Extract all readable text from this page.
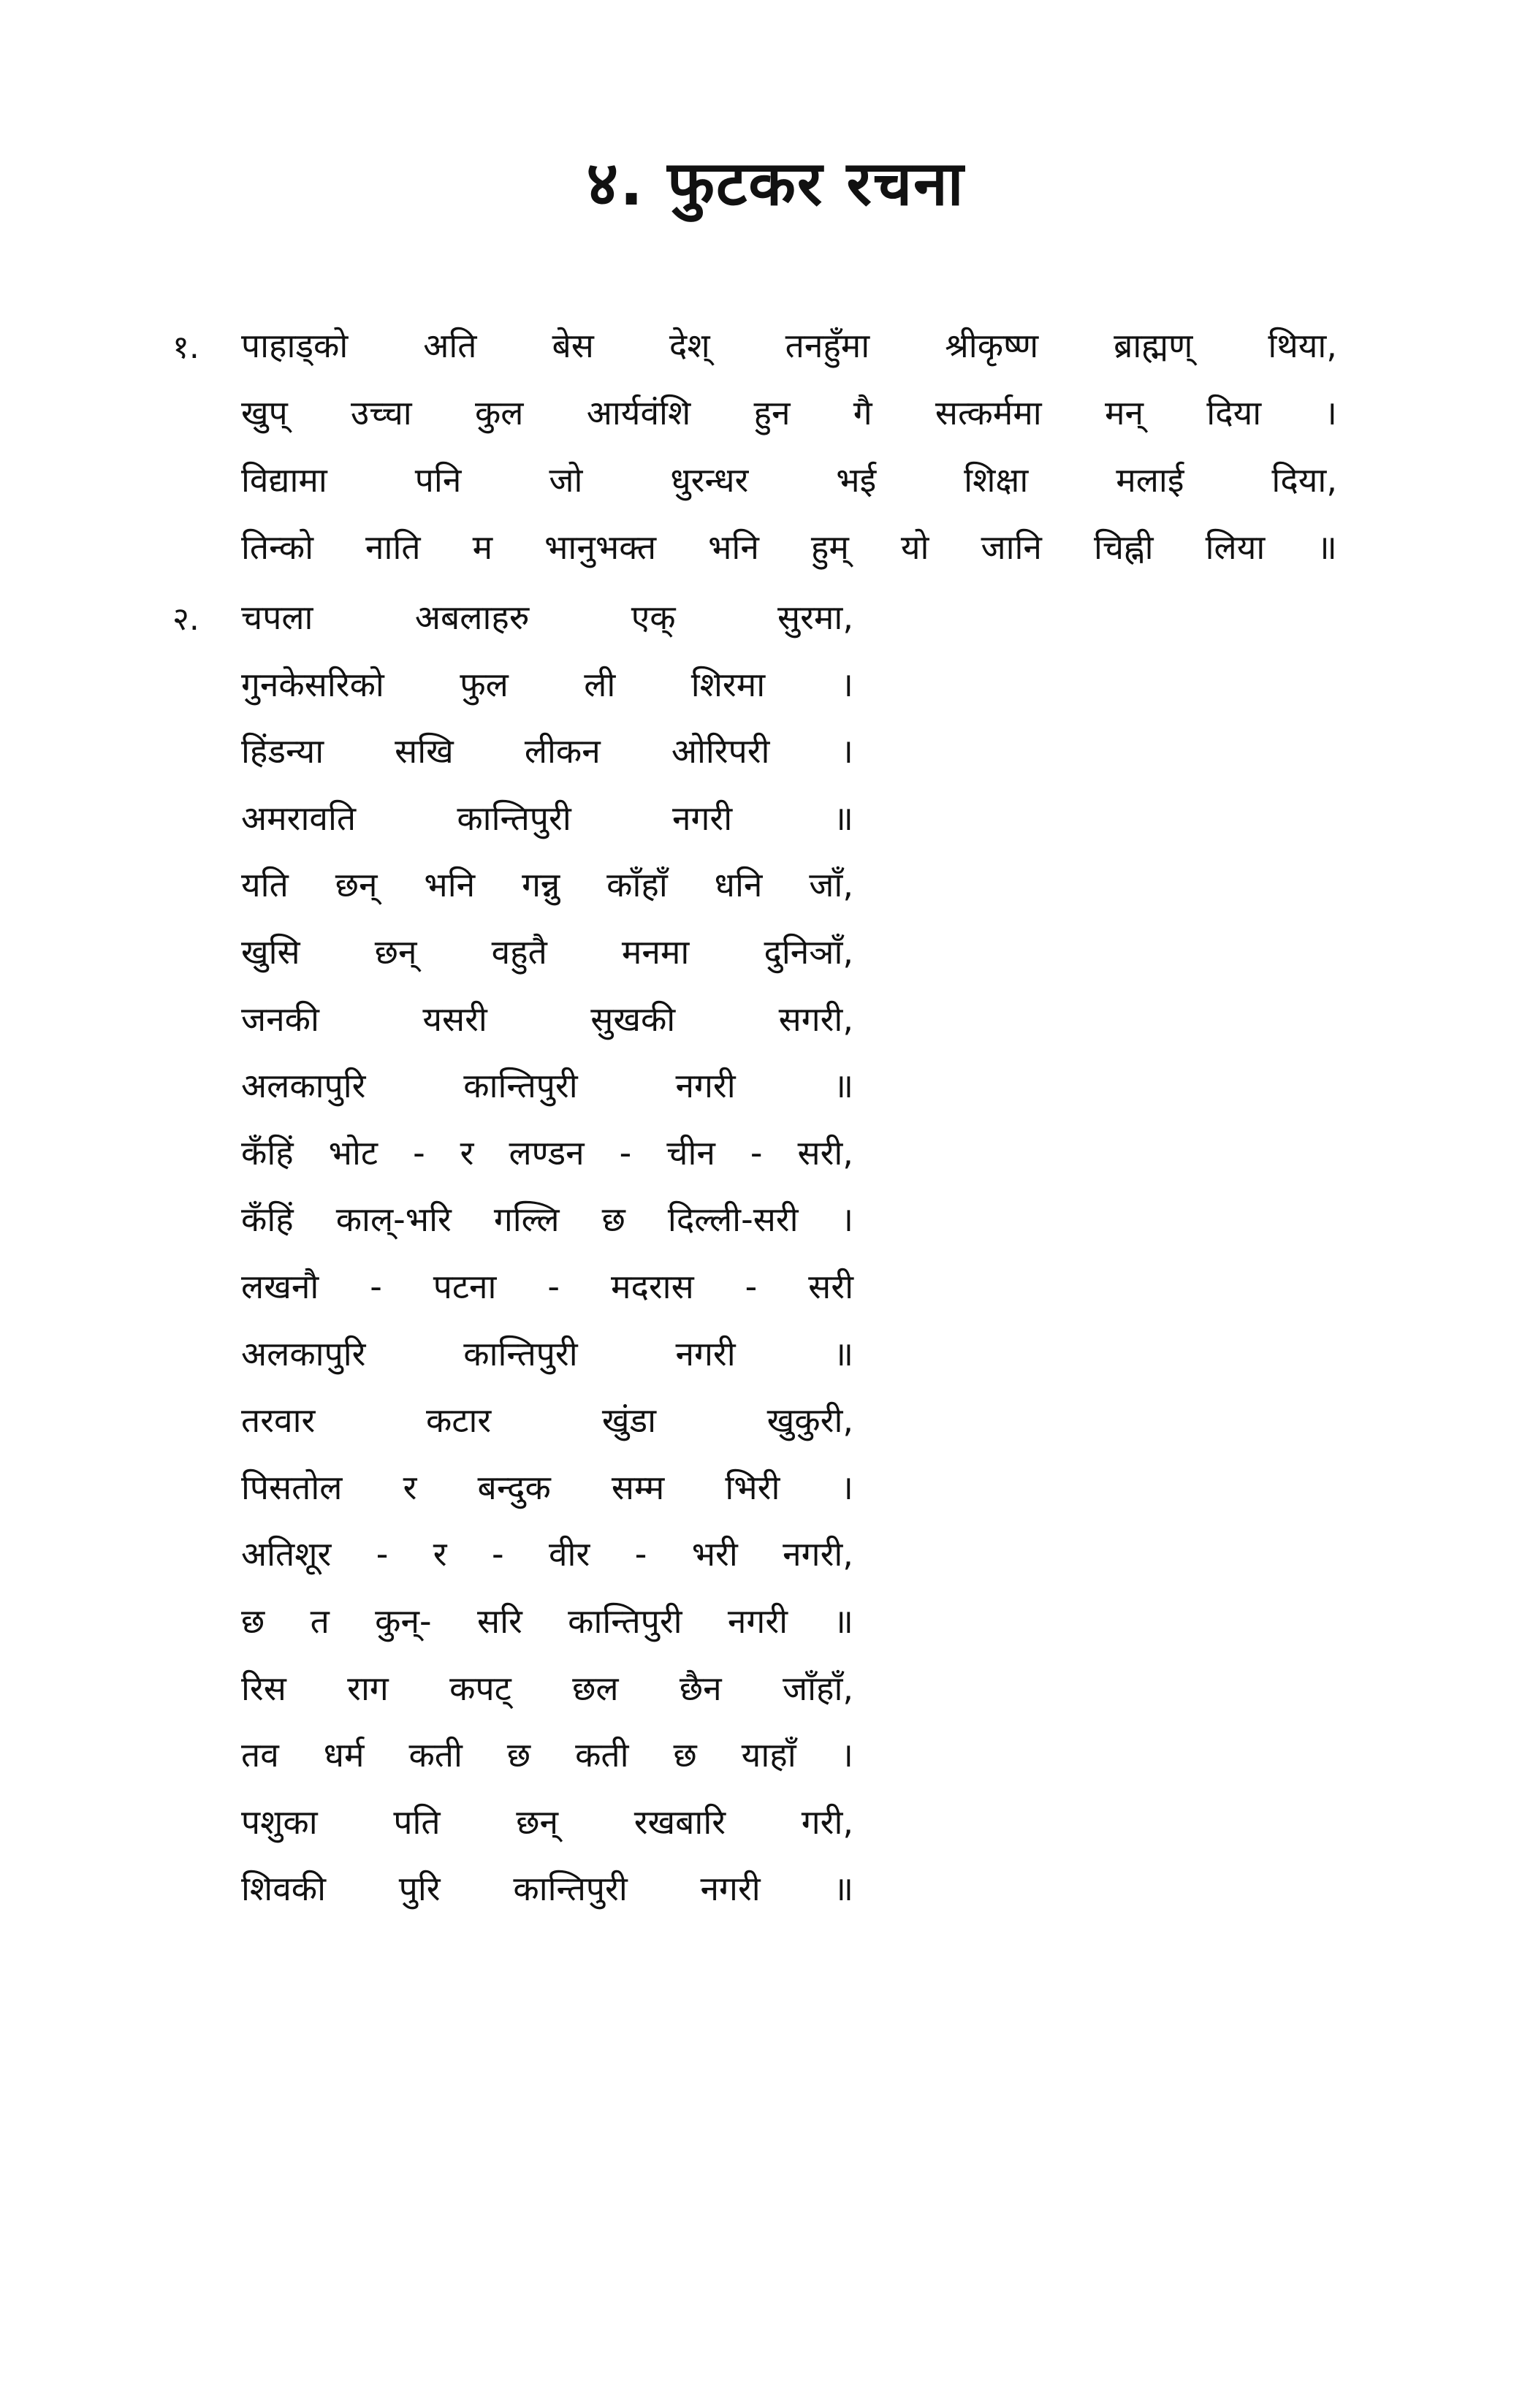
४. फुटकर रचना
१. पाहाड्को अति बेस देश् तनहुँमा श्रीकृष्ण ब्राह्मण् थिया,
खुप् उच्चा कुल आर्यवंशि हुन गै सत्कर्ममा मन् दिया ।
विद्यामा	पनि	जो	धुरन्धर	भई	शिक्षा	मलाई	दिया,
तिन्को नाति म भानुभक्त भनि हुम् यो जानि चिह्नी लिया ॥
२. चपला	अबलाहरु	एक्	सुरमा,
गुनकेसरिको फुल ली शिरमा ।
हिंडन्या सखि लीकन ओरिपरी ।
अमरावति	कान्तिपुरी	नगरी	॥
यति छन् भनि गन्नु काँहाँ धनि जाँ,
खुसि छन् वहुतै मनमा दुनिञाँ,
जनकी	यसरी	सुखकी	सगरी,
अलकापुरि	कान्तिपुरी	नगरी	॥
कँहिं भोट - र लण्डन - चीन - सरी,
कँहिं काल्-भरि गल्लि छ दिल्ली-सरी ।
लखनौ - पटना - मदरास - सरी
अलकापुरि	कान्तिपुरी	नगरी	॥
तरवार	कटार	खुंडा	खुकुरी,
पिसतोल र बन्दुक सम्म भिरी ।
अतिशूर - र - वीर - भरी नगरी,
छ त कुन्- सरि कान्तिपुरी नगरी ॥
रिस राग कपट् छल छैन जाँहाँ,
तव धर्म कती छ कती छ याहाँ ।
पशुका पति छन् रखबारि गरी,
शिवकी पुरि कान्तिपुरी नगरी ॥
